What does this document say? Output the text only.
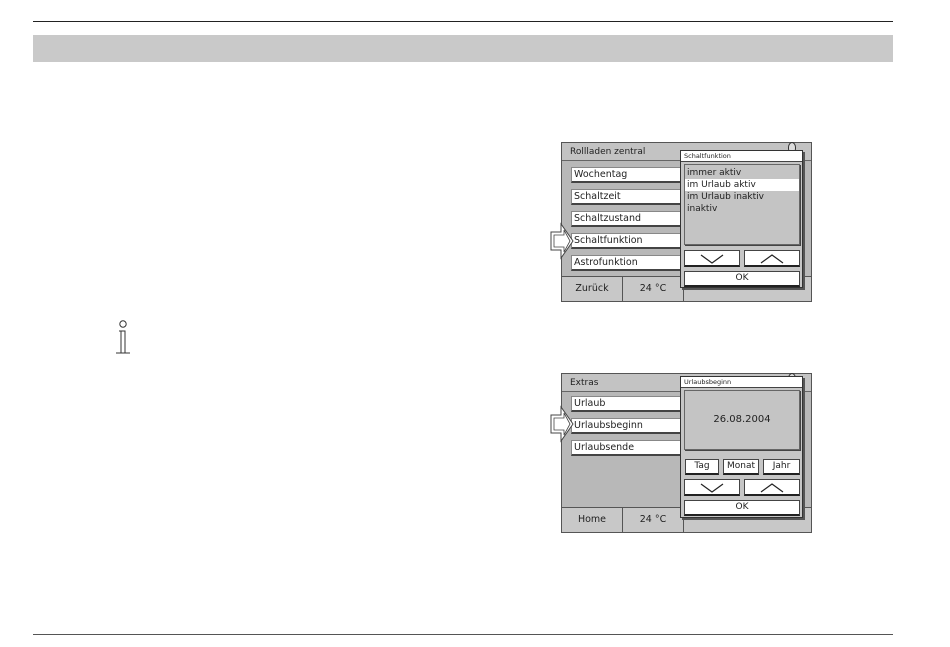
Rollladen zentral
Wochentag
Schaltzeit
Schaltzustand
Schaltfunktion
Astrofunktion
Zurück	24 °C
Schaltfunktion
immer aktiv
im Urlaub aktiv
im Urlaub inaktiv
inaktiv
OK
Extras
Urlaub
Urlaubsbeginn
Urlaubsende
Home	24 °C
Urlaubsbeginn
26.08.2004
Tag	Monat	Jahr
OK
